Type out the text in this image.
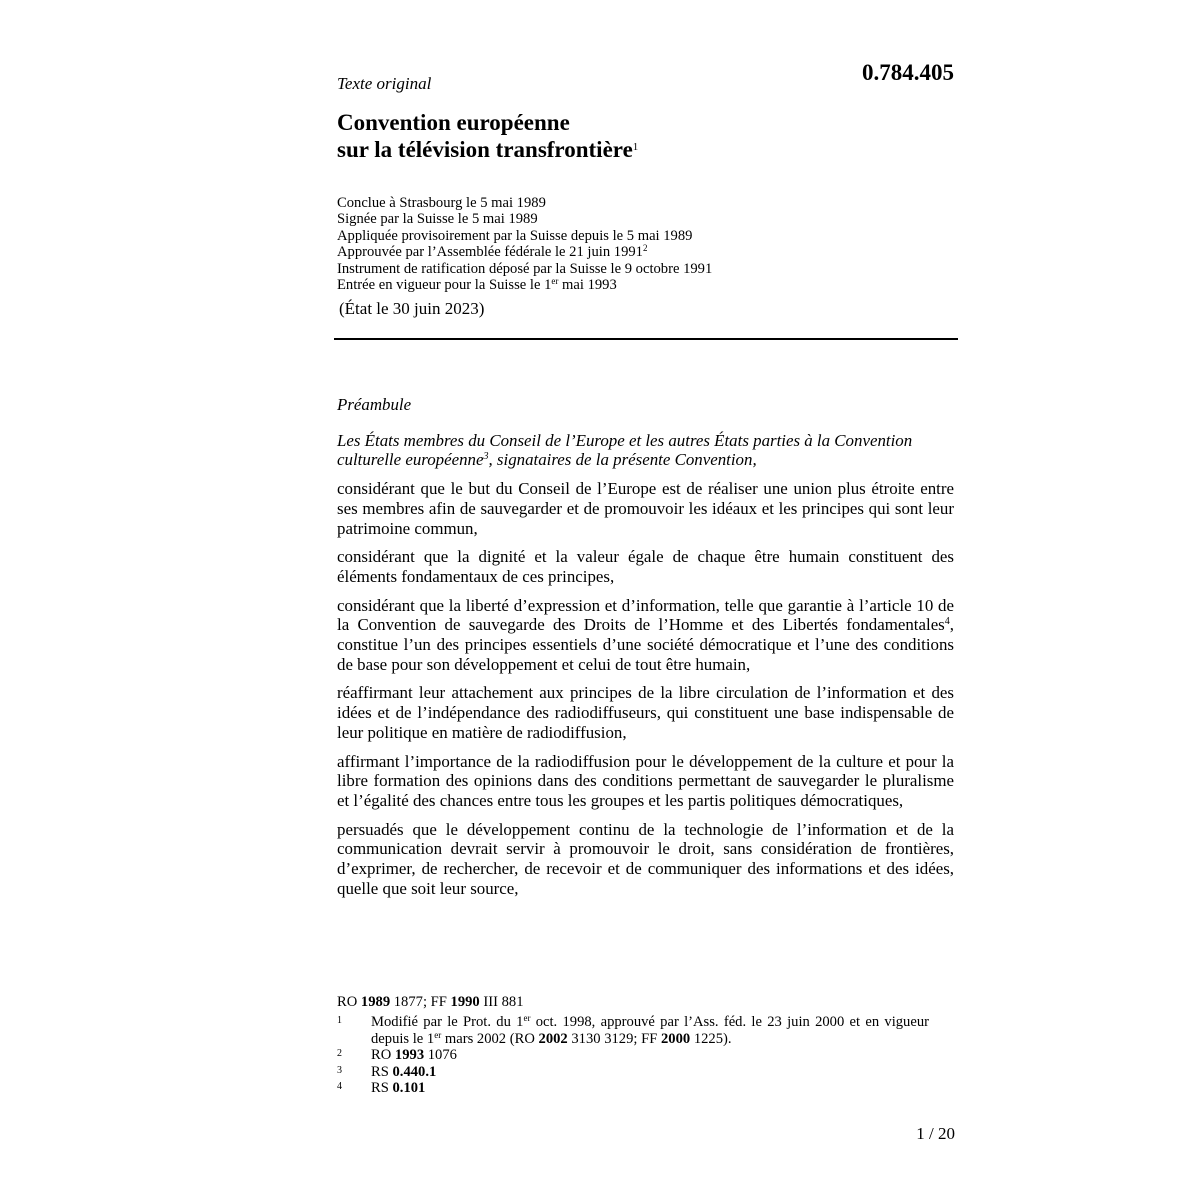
Texte original	0.784.405
Convention européenne
sur la télévision transfrontière$^1$
Conclue à Strasbourg le 5 mai 1989
Signée par la Suisse le 5 mai 1989
Appliquée provisoirement par la Suisse depuis le 5 mai 1989
Approuvée par l’Assemblée fédérale le 21 juin 1991$^2$
Instrument de ratification déposé par la Suisse le 9 octobre 1991
Entrée en vigueur pour la Suisse le 1er mai 1993
(État le 30 juin 2023)
Préambule
Les États membres du Conseil de l’Europe et les autres États parties à la Convention culturelle européenne$^3$, signataires de la présente Convention,
considérant que le but du Conseil de l’Europe est de réaliser une union plus étroite entre ses membres afin de sauvegarder et de promouvoir les idéaux et les principes qui sont leur patrimoine commun,
considérant que la dignité et la valeur égale de chaque être humain constituent des éléments fondamentaux de ces principes,
considérant que la liberté d’expression et d’information, telle que garantie à l’article 10 de la Convention de sauvegarde des Droits de l’Homme et des Libertés fondamentales$^4$, constitue l’un des principes essentiels d’une société démocratique et l’une des conditions de base pour son développement et celui de tout être humain,
réaffirmant leur attachement aux principes de la libre circulation de l’information et des idées et de l’indépendance des radiodiffuseurs, qui constituent une base indispensable de leur politique en matière de radiodiffusion,
affirmant l’importance de la radiodiffusion pour le développement de la culture et pour la libre formation des opinions dans des conditions permettant de sauvegarder le pluralisme et l’égalité des chances entre tous les groupes et les partis politiques démocratiques,
persuadés que le développement continu de la technologie de l’information et de la communication devrait servir à promouvoir le droit, sans considération de frontières, d’exprimer, de rechercher, de recevoir et de communiquer des informations et des idées, quelle que soit leur source,
RO 1989 1877; FF 1990 III 881
1	Modifié par le Prot. du 1er oct. 1998, approuvé par l’Ass. féd. le 23 juin 2000 et en vigueur depuis le 1er mars 2002 (RO 2002 3130 3129; FF 2000 1225).
2	RO 1993 1076
3	RS 0.440.1
4	RS 0.101
1 / 20
